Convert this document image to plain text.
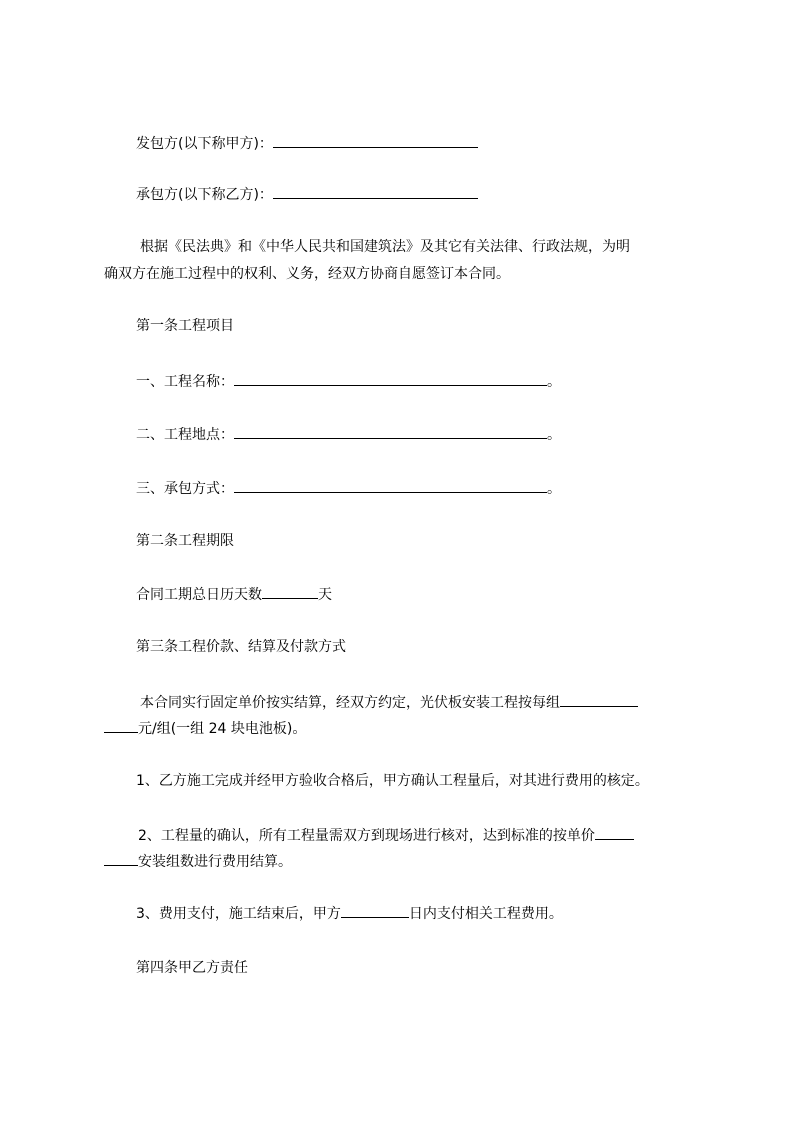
发包方(以下称甲方)：
承包方(以下称乙方)：
根据《民法典》和《中华人民共和国建筑法》及其它有关法律、行政法规，为明
确双方在施工过程中的权利、义务，经双方协商自愿签订本合同。
第一条工程项目
一、工程名称：	。
二、工程地点：	。
三、承包方式：	。
第二条工程期限
合同工期总日历天数	天
第三条工程价款、结算及付款方式
本合同实行固定单价按实结算，经双方约定，光伏板安装工程按每组
元/组(一组 24 块电池板)。
1、乙方施工完成并经甲方验收合格后，甲方确认工程量后，对其进行费用的核定。
2、工程量的确认，所有工程量需双方到现场进行核对，达到标准的按单价
安装组数进行费用结算。
3、费用支付，施工结束后，甲方	日内支付相关工程费用。
第四条甲乙方责任
